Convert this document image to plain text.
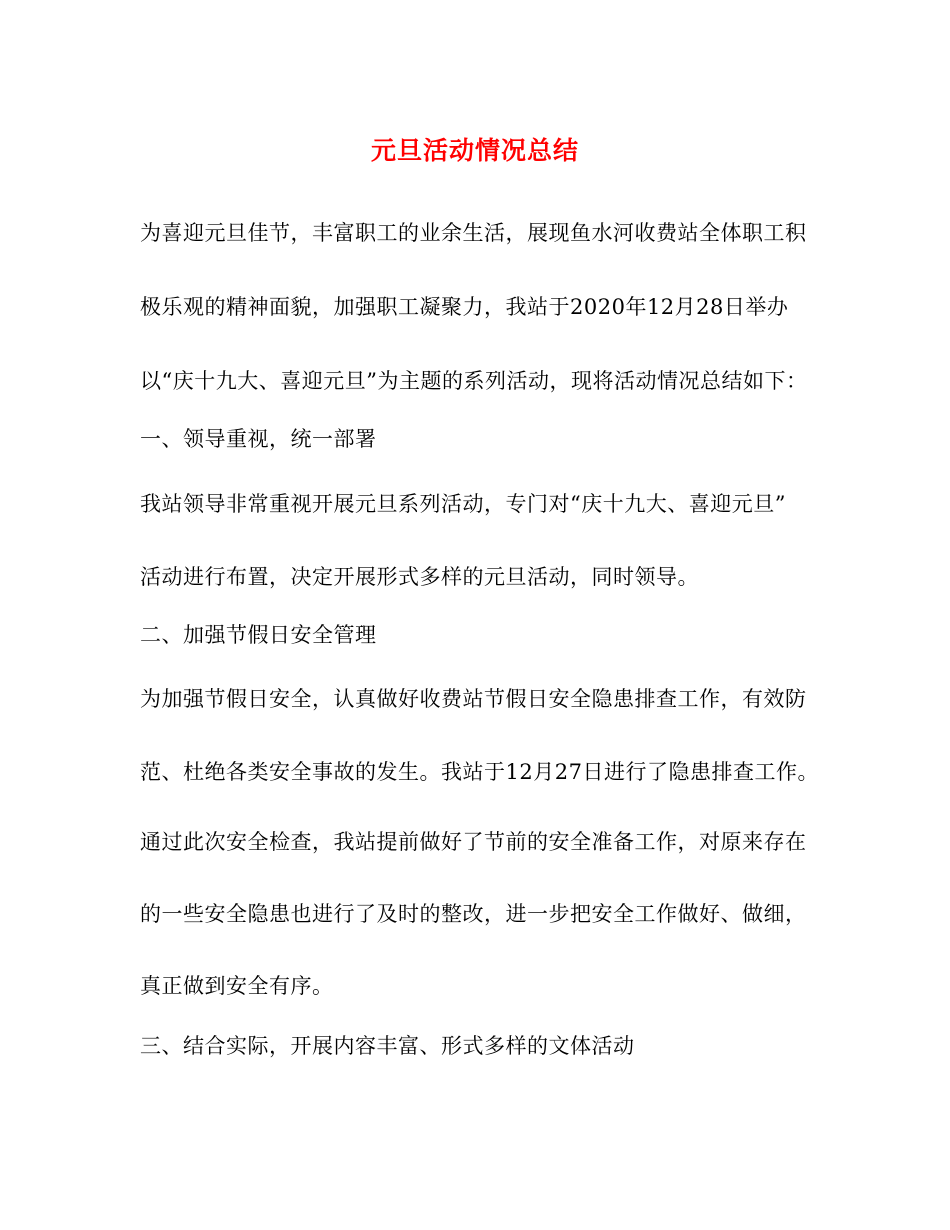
元旦活动情况总结
为喜迎元旦佳节，丰富职工的业余生活，展现鱼水河收费站全体职工积
极乐观的精神面貌，加强职工凝聚力，我站于2020年12月28日举办
以“庆十九大、喜迎元旦”为主题的系列活动，现将活动情况总结如下：
一、领导重视，统一部署
我站领导非常重视开展元旦系列活动，专门对“庆十九大、喜迎元旦”
活动进行布置，决定开展形式多样的元旦活动，同时领导。
二、加强节假日安全管理
为加强节假日安全，认真做好收费站节假日安全隐患排查工作，有效防
范、杜绝各类安全事故的发生。我站于12月27日进行了隐患排查工作。
通过此次安全检查，我站提前做好了节前的安全准备工作，对原来存在
的一些安全隐患也进行了及时的整改，进一步把安全工作做好、做细，
真正做到安全有序。
三、结合实际，开展内容丰富、形式多样的文体活动
